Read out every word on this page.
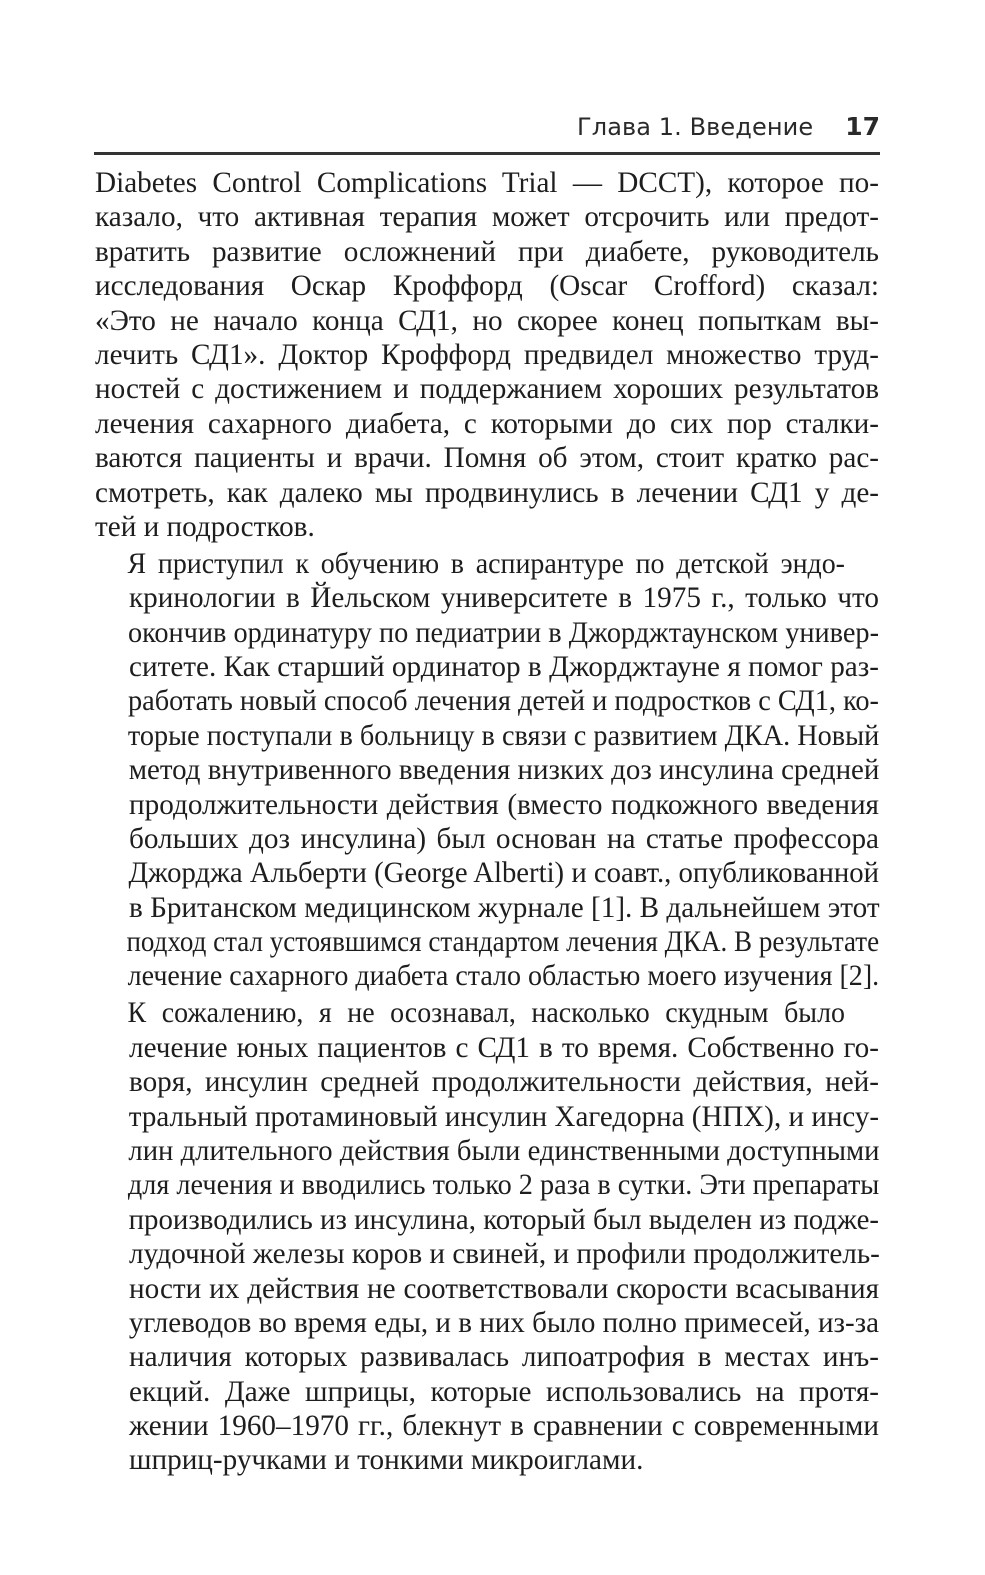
Глава 1. Введение 17

Diabetes Control Complications Trial — DCCT), которое по-
казало, что активная терапия может отсрочить или предот-
вратить развитие осложнений при диабете, руководитель
исследования Оскар Кроффорд (Oscar Crofford) сказал:
«Это не начало конца СД1, но скорее конец попыткам вы-
лечить СД1». Доктор Кроффорд предвидел множество труд-
ностей с достижением и поддержанием хороших результатов
лечения сахарного диабета, с которыми до сих пор сталки-
ваются пациенты и врачи. Помня об этом, стоит кратко рас-
смотреть, как далеко мы продвинулись в лечении СД1 у де-
тей и подростков.

Я приступил к обучению в аспирантуре по детской эндо-
кринологии в Йельском университете в 1975 г., только что
окончив ординатуру по педиатрии в Джорджтаунском универ-
ситете. Как старший ординатор в Джорджтауне я помог раз-
работать новый способ лечения детей и подростков с СД1, ко-
торые поступали в больницу в связи с развитием ДКА. Новый
метод внутривенного введения низких доз инсулина средней
продолжительности действия (вместо подкожного введения
больших доз инсулина) был основан на статье профессора
Джорджа Альберти (George Alberti) и соавт., опубликованной
в Британском медицинском журнале [1]. В дальнейшем этот
подход стал устоявшимся стандартом лечения ДКА. В результате
лечение сахарного диабета стало областью моего изучения [2].

К сожалению, я не осознавал, насколько скудным было
лечение юных пациентов с СД1 в то время. Собственно го-
воря, инсулин средней продолжительности действия, ней-
тральный протаминовый инсулин Хагедорна (НПХ), и инсу-
лин длительного действия были единственными доступными
для лечения и вводились только 2 раза в сутки. Эти препараты
производились из инсулина, который был выделен из подже-
лудочной железы коров и свиней, и профили продолжитель-
ности их действия не соответствовали скорости всасывания
углеводов во время еды, и в них было полно примесей, из-за
наличия которых развивалась липоатрофия в местах инъ-
екций. Даже шприцы, которые использовались на протя-
жении 1960–1970 гг., блекнут в сравнении с современными
шприц-ручками и тонкими микроиглами.
